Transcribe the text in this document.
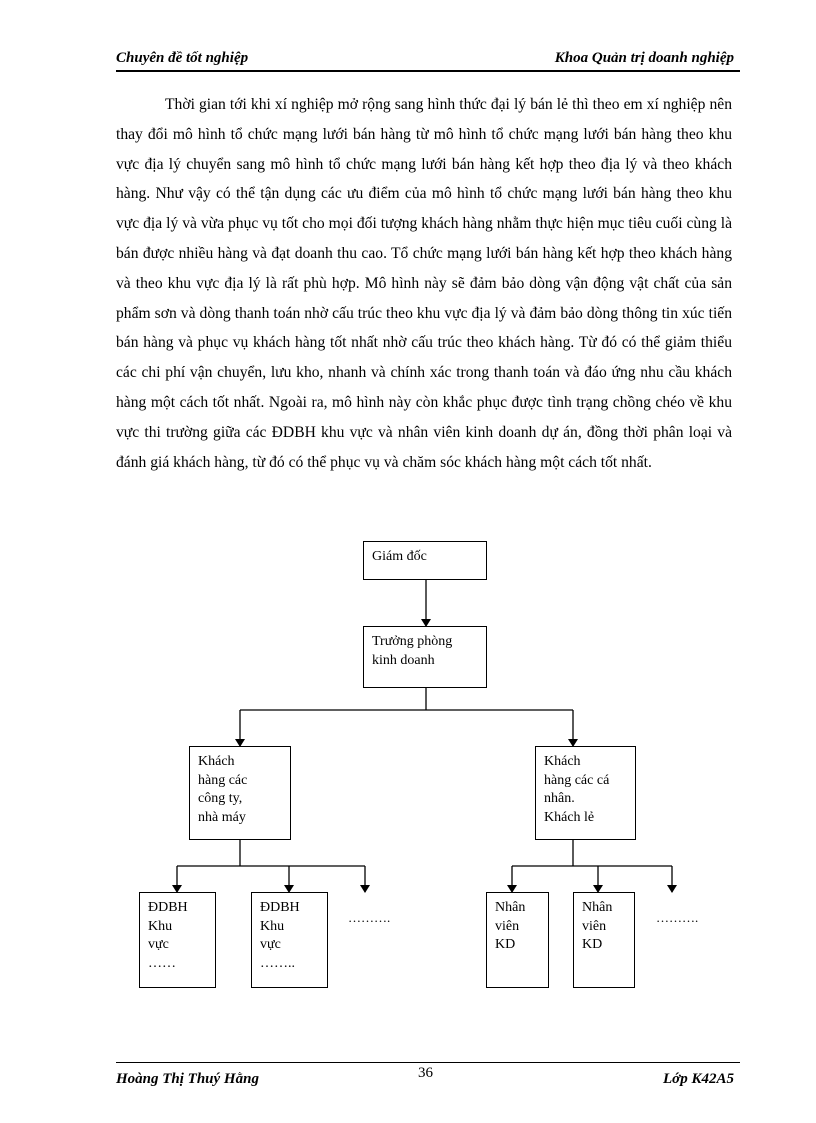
Chuyên đề tốt nghiệp	Khoa Quản trị doanh nghiệp

Thời gian tới khi xí nghiệp mở rộng sang hình thức đại lý bán lẻ thì theo em xí nghiệp nên thay đổi mô hình tổ chức mạng lưới bán hàng từ mô hình tổ chức mạng lưới bán hàng theo khu vực địa lý chuyển sang mô hình tổ chức mạng lưới bán hàng kết hợp theo địa lý và theo khách hàng. Như vậy có thể tận dụng các ưu điểm của mô hình tổ chức mạng lưới bán hàng theo khu vực địa lý và vừa phục vụ tốt cho mọi đối tượng khách hàng nhằm thực hiện mục tiêu cuối cùng là bán được nhiều hàng và đạt doanh thu cao. Tổ chức mạng lưới bán hàng kết hợp theo khách hàng và theo khu vực địa lý là rất phù hợp. Mô hình này sẽ đảm bảo dòng vận động vật chất của sản phẩm sơn và dòng thanh toán nhờ cấu trúc theo khu vực địa lý và đảm bảo dòng thông tin xúc tiến bán hàng và phục vụ khách hàng tốt nhất nhờ cấu trúc theo khách hàng. Từ đó có thể giảm thiểu các chi phí vận chuyển, lưu kho, nhanh và chính xác trong thanh toán và đáo ứng nhu cầu khách hàng một cách tốt nhất. Ngoài ra, mô hình này còn khắc phục được tình trạng chồng chéo về khu vực thi trường giữa các ĐDBH khu vực và nhân viên kinh doanh dự án, đồng thời phân loại và đánh giá khách hàng, từ đó có thể phục vụ và chăm sóc khách hàng một cách tốt nhất.

Giám đốc
Trưởng phòng
kinh doanh
Khách
hàng các
công ty,
nhà máy
Khách
hàng các cá
nhân.
Khách lẻ
ĐDBH
Khu
vực
……
ĐDBH
Khu
vực
……..
……….
Nhân
viên
KD
Nhân
viên
KD
……….
Hoàng Thị Thuý Hằng	36	Lớp K42A5
